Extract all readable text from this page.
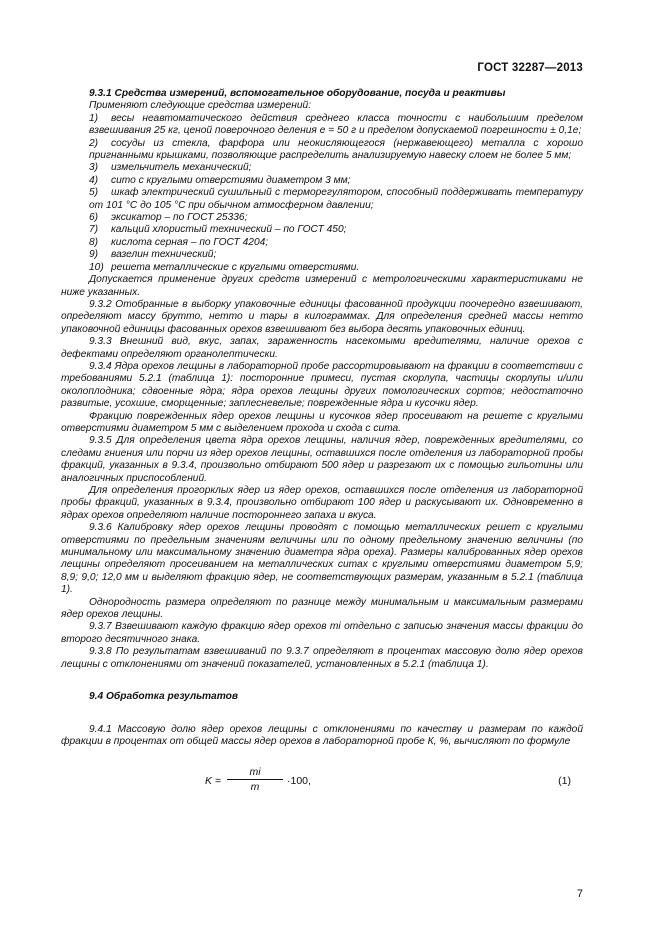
ГОСТ 32287—2013

9.3.1 Средства измерений, вспомогательное оборудование, посуда и реактивы

Применяют следующие средства измерений:

1) весы неавтоматического действия среднего класса точности с наибольшим пределом взвешивания 25 кг, ценой поверочного деления e = 50 г и пределом допускаемой погрешности ± 0,1e;

2) сосуды из стекла, фарфора или неокисляющегося (нержавеющего) металла с хорошо пригнанными крышками, позволяющие распределить анализируемую навеску слоем не более 5 мм;

3) измельчитель механический;

4) сито с круглыми отверстиями диаметром 3 мм;

5) шкаф электрический сушильный с терморегулятором, способный поддерживать температуру от 101 °С до 105 °С при обычном атмосферном давлении;

6) эксикатор – по ГОСТ 25336;

7) кальций хлористый технический – по ГОСТ 450;

8) кислота серная – по ГОСТ 4204;

9) вазелин технический;

10) решета металлические с круглыми отверстиями.

Допускается применение других средств измерений с метрологическими характеристиками не ниже указанных.

9.3.2 Отобранные в выборку упаковочные единицы фасованной продукции поочередно взвешивают, определяют массу брутто, нетто и тары в килограммах. Для определения средней массы нетто упаковочной единицы фасованных орехов взвешивают без выбора десять упаковочных единиц.

9.3.3 Внешний вид, вкус, запах, зараженность насекомыми вредителями, наличие орехов с дефектами определяют органолептически.

9.3.4 Ядра орехов лещины в лабораторной пробе рассортировывают на фракции в соответствии с требованиями 5.2.1 (таблица 1): посторонние примеси, пустая скорлупа, частицы скорлупы и/или околоплодника; сдвоенные ядра; ядра орехов лещины других помологических сортов; недостаточно развитые, усохшие, сморщенные; заплесневелые; поврежденные ядра и кусочки ядер.

Фракцию поврежденных ядер орехов лещины и кусочков ядер просеивают на решете с круглыми отверстиями диаметром 5 мм с выделением прохода и схода с сита.

9.3.5 Для определения цвета ядра орехов лещины, наличия ядер, поврежденных вредителями, со следами гниения или порчи из ядер орехов лещины, оставшихся после отделения из лабораторной пробы фракций, указанных в 9.3.4, произвольно отбирают 500 ядер и разрезают их с помощью гильотины или аналогичных приспособлений.

Для определения прогорклых ядер из ядер орехов, оставшихся после отделения из лабораторной пробы фракций, указанных в 9.3.4, произвольно отбирают 100 ядер и раскусывают их. Одновременно в ядрах орехов определяют наличие постороннего запаха и вкуса.

9.3.6 Калибровку ядер орехов лещины проводят с помощью металлических решет с круглыми отверстиями по предельным значениям величины или по одному предельному значению величины (по минимальному или максимальному значению диаметра ядра ореха). Размеры калиброванных ядер орехов лещины определяют просеиванием на металлических ситах с круглыми отверстиями диаметром 5,9; 8,9; 9,0; 12,0 мм и выделяют фракцию ядер, не соответствующих размерам, указанным в 5.2.1 (таблица 1).

Однородность размера определяют по разнице между минимальным и максимальным размерами ядер орехов лещины.

9.3.7 Взвешивают каждую фракцию ядер орехов mi отдельно с записью значения массы фракции до второго десятичного знака.

9.3.8 По результатам взвешиваний по 9.3.7 определяют в процентах массовую долю ядер орехов лещины с отклонениями от значений показателей, установленных в 5.2.1 (таблица 1).

9.4 Обработка результатов

9.4.1 Массовую долю ядер орехов лещины с отклонениями по качеству и размерам по каждой фракции в процентах от общей массы ядер орехов в лабораторной пробе К, %, вычисляют по формуле

K =
mi
m	·100,	(1)
7
